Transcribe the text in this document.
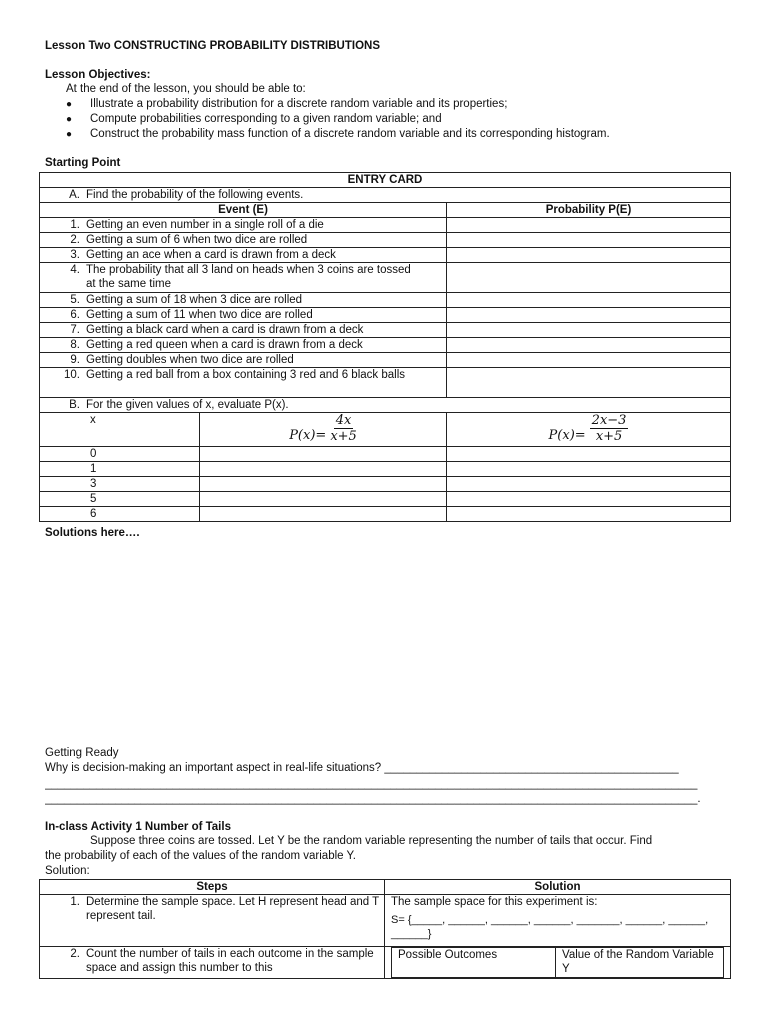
Lesson Two CONSTRUCTING PROBABILITY DISTRIBUTIONS
Lesson Objectives:
At the end of the lesson, you should be able to:
●	Illustrate a probability distribution for a discrete random variable and its properties;
●	Compute probabilities corresponding to a given random variable; and
●	Construct the probability mass function of a discrete random variable and its corresponding histogram.
Starting Point
ENTRY CARD		
A. Find the probability of the following events.		
Event (E)		Probability P(E)

1. Getting an even number in a single roll of a die		

2. Getting a sum of 6 when two dice are rolled		

3. Getting an ace when a card is drawn from a deck		

4. The probability that all 3 land on heads when 3 coins are tossed at the same time		

5. Getting a sum of 18 when 3 dice are rolled		

6. Getting a sum of 11 when two dice are rolled		

7. Getting a black card when a card is drawn from a deck		

8. Getting a red queen when a card is drawn from a deck		

9. Getting doubles when two dice are rolled		

10. Getting a red ball from a box containing 3 red and 6 black balls		

B. For the given values of x, evaluate P(x).		
x	$P(x)= \frac{4x}{x+5}$	$P(x)= \frac{2x-3}{x+5}$

0		
1		
3		
5		
6		
Solutions here….
Getting Ready
Why is decision-making an important aspect in real-life situations? ______________________________________________
______________________________________________________________________________________________________
______________________________________________________________________________________________________.
In-class Activity 1 Number of Tails
Suppose three coins are tossed. Let Y be the random variable representing the number of tails that occur. Find
the probability of each of the values of the random variable Y.
Solution:
Steps	Solution

1. Determine the sample space. Let H represent head and T represent tail.

The sample space for this experiment is:
S= {_____, ______, ______, ______, _______, ______, ______,
______}

2. Count the number of tails in each outcome in the sample space and assign this number to this

Possible Outcomes	Value of the Random Variable Y
